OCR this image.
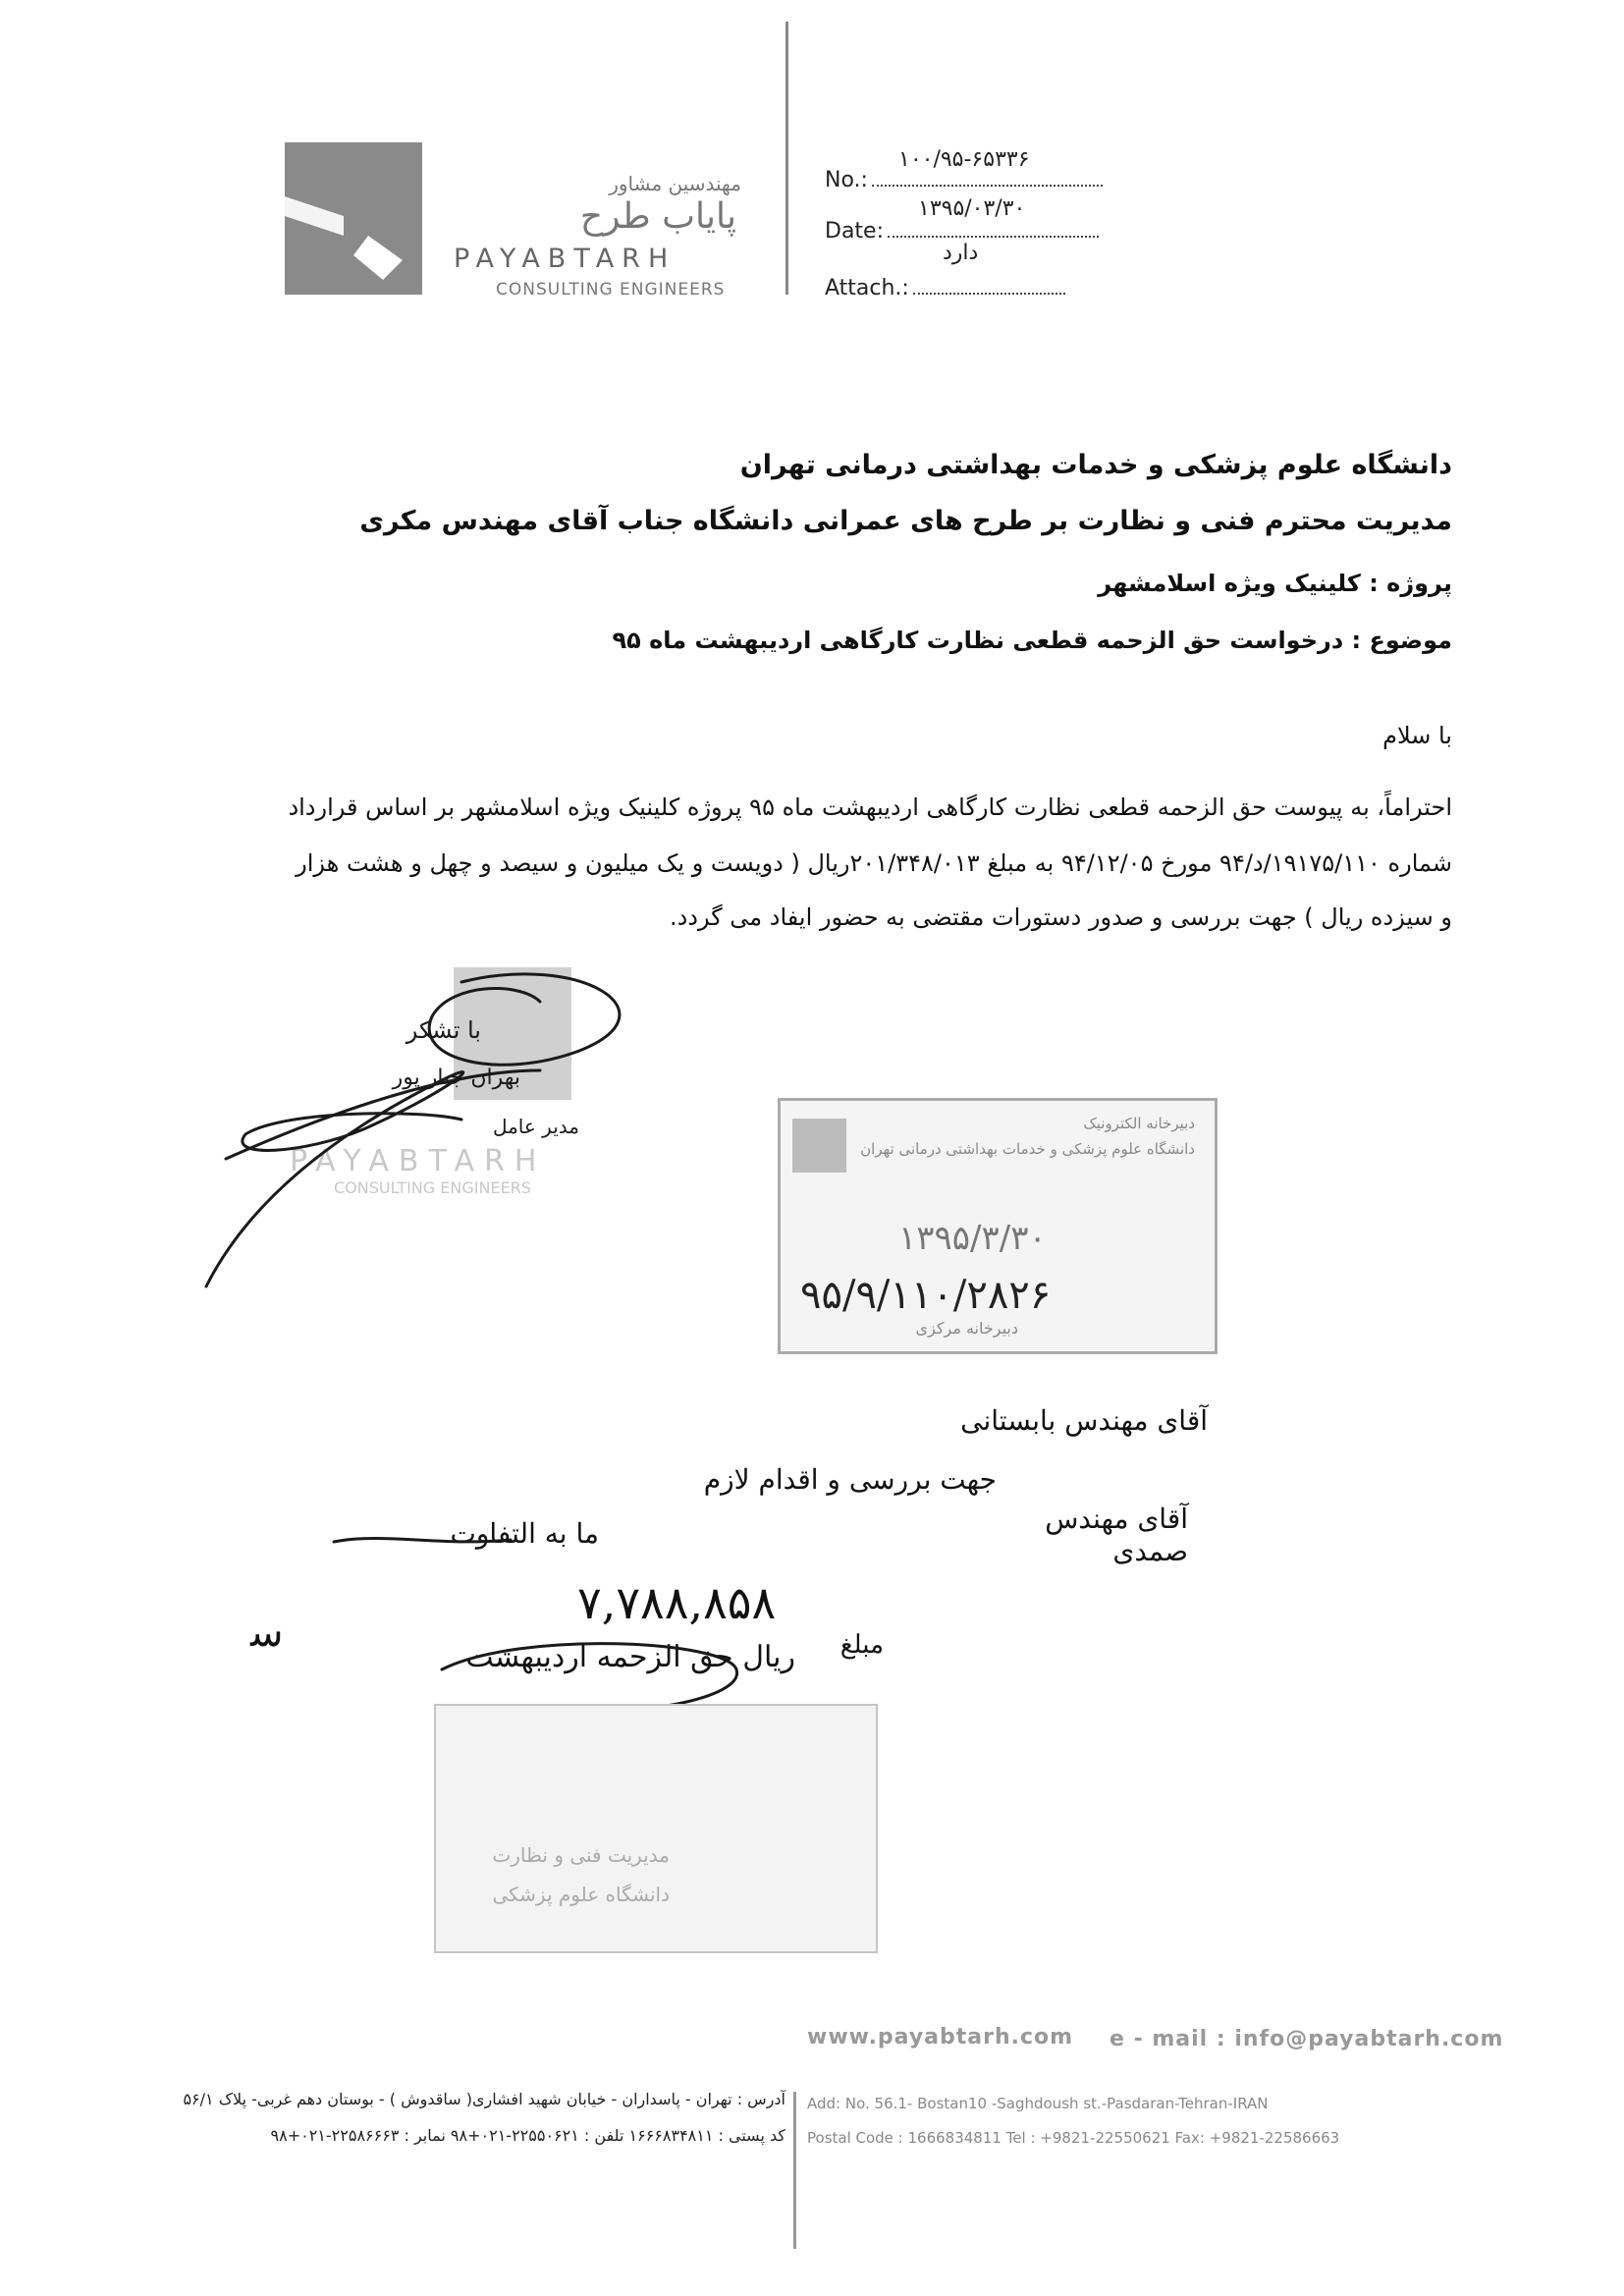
مهندسین مشاور
پایاب طرح
PAYABTARH
CONSULTING ENGINEERS
۱۰۰/۹۵-۶۵۳۳۶
No.:
۱۳۹۵/۰۳/۳۰
Date:
دارد
Attach.:
دانشگاه علوم پزشکی و خدمات بهداشتی درمانی تهران
مدیریت محترم فنی و نظارت بر طرح های عمرانی دانشگاه جناب آقای مهندس مکری
پروژه : کلینیک ویژه اسلامشهر
موضوع : درخواست حق الزحمه قطعی نظارت کارگاهی اردیبهشت ماه ۹۵
با سلام
احتراماً، به پیوست حق الزحمه قطعی نظارت کارگاهی اردیبهشت ماه ۹۵ پروژه کلینیک ویژه اسلامشهر بر اساس قرارداد
شماره ۱۹۱۷۵/۱۱۰/د/۹۴ مورخ ۹۴/۱۲/۰۵ به مبلغ ۲۰۱/۳۴۸/۰۱۳ریال ( دویست و یک میلیون و سیصد و چهل و هشت هزار
و سیزده ریال ) جهت بررسی و صدور دستورات مقتضی به حضور ایفاد می گردد.
با تشکر
بهران جبار پور
مدیر عامل
PAYABTARH
CONSULTING ENGINEERS
دبیرخانه الکترونیک
دانشگاه علوم پزشکی و خدمات بهداشتی درمانی تهران
۱۳۹۵/۳/۳۰
۹۵/۹/۱۱۰/۲۸۲۶
دبیرخانه مرکزی
آقای مهندس بابستانی
جهت بررسی و اقدام لازم
آقای مهندس صمدی
ما به التفاوت
۷,۷۸۸,۸۵۸
مبلغ
ریال حق الزحمه اردیبهشت
ﺳ
مدیریت فنی و نظارت
دانشگاه علوم پزشکی
www.payabtarh.com e - mail : info@payabtarh.com
آدرس : تهران - پاسداران - خیابان شهید افشاری( ساقدوش ) - بوستان دهم غربی- پلاک ۵۶/۱
کد پستی : ۱۶۶۶۸۳۴۸۱۱ تلفن : ۲۲۵۵۰۶۲۱-۰۲۱+۹۸ نمابر : ۲۲۵۸۶۶۶۳-۰۲۱+۹۸
Add: No. 56.1- Bostan10 -Saghdoush st.-Pasdaran-Tehran-IRAN
Postal Code : 1666834811 Tel : +9821-22550621 Fax: +9821-22586663
